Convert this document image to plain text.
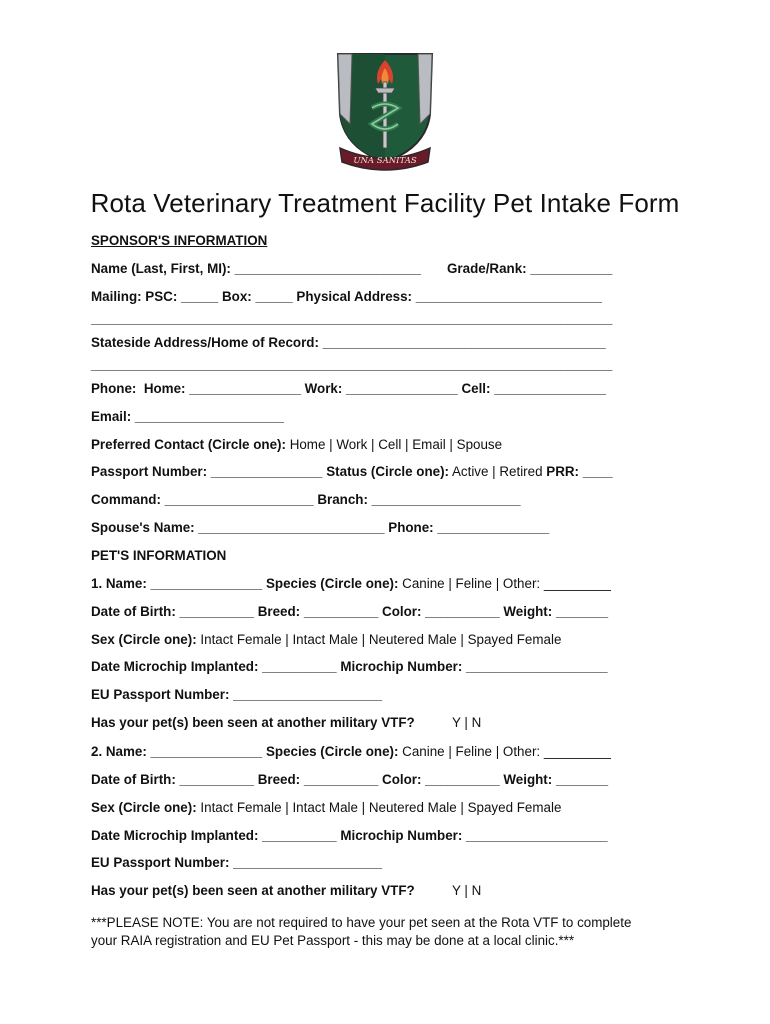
UNA SANITAS
Rota Veterinary Treatment Facility Pet Intake Form
SPONSOR'S INFORMATION
Name (Last, First, MI): _________________________ Grade/Rank: ___________
Mailing: PSC: _____ Box: _____ Physical Address: _________________________
______________________________________________________________________
Stateside Address/Home of Record: ______________________________________
______________________________________________________________________
Phone:  Home: _______________ Work: _______________ Cell: _______________
Email: ____________________
Preferred Contact (Circle one): Home | Work | Cell | Email | Spouse
Passport Number: _______________ Status (Circle one): Active | Retired PRR: ____
Command: ____________________ Branch: ____________________
Spouse's Name: _________________________ Phone: _______________
PET'S INFORMATION
1. Name: _______________ Species (Circle one): Canine | Feline | Other: _________
Date of Birth: __________ Breed: __________ Color: __________ Weight: _______
Sex (Circle one): Intact Female | Intact Male | Neutered Male | Spayed Female
Date Microchip Implanted: __________ Microchip Number: ___________________
EU Passport Number: ____________________
Has your pet(s) been seen at another military VTF?	Y | N
2. Name: _______________ Species (Circle one): Canine | Feline | Other: _________
Date of Birth: __________ Breed: __________ Color: __________ Weight: _______
Sex (Circle one): Intact Female | Intact Male | Neutered Male | Spayed Female
Date Microchip Implanted: __________ Microchip Number: ___________________
EU Passport Number: ____________________
Has your pet(s) been seen at another military VTF?	Y | N
***PLEASE NOTE: You are not required to have your pet seen at the Rota VTF to complete
your RAIA registration and EU Pet Passport - this may be done at a local clinic.***
